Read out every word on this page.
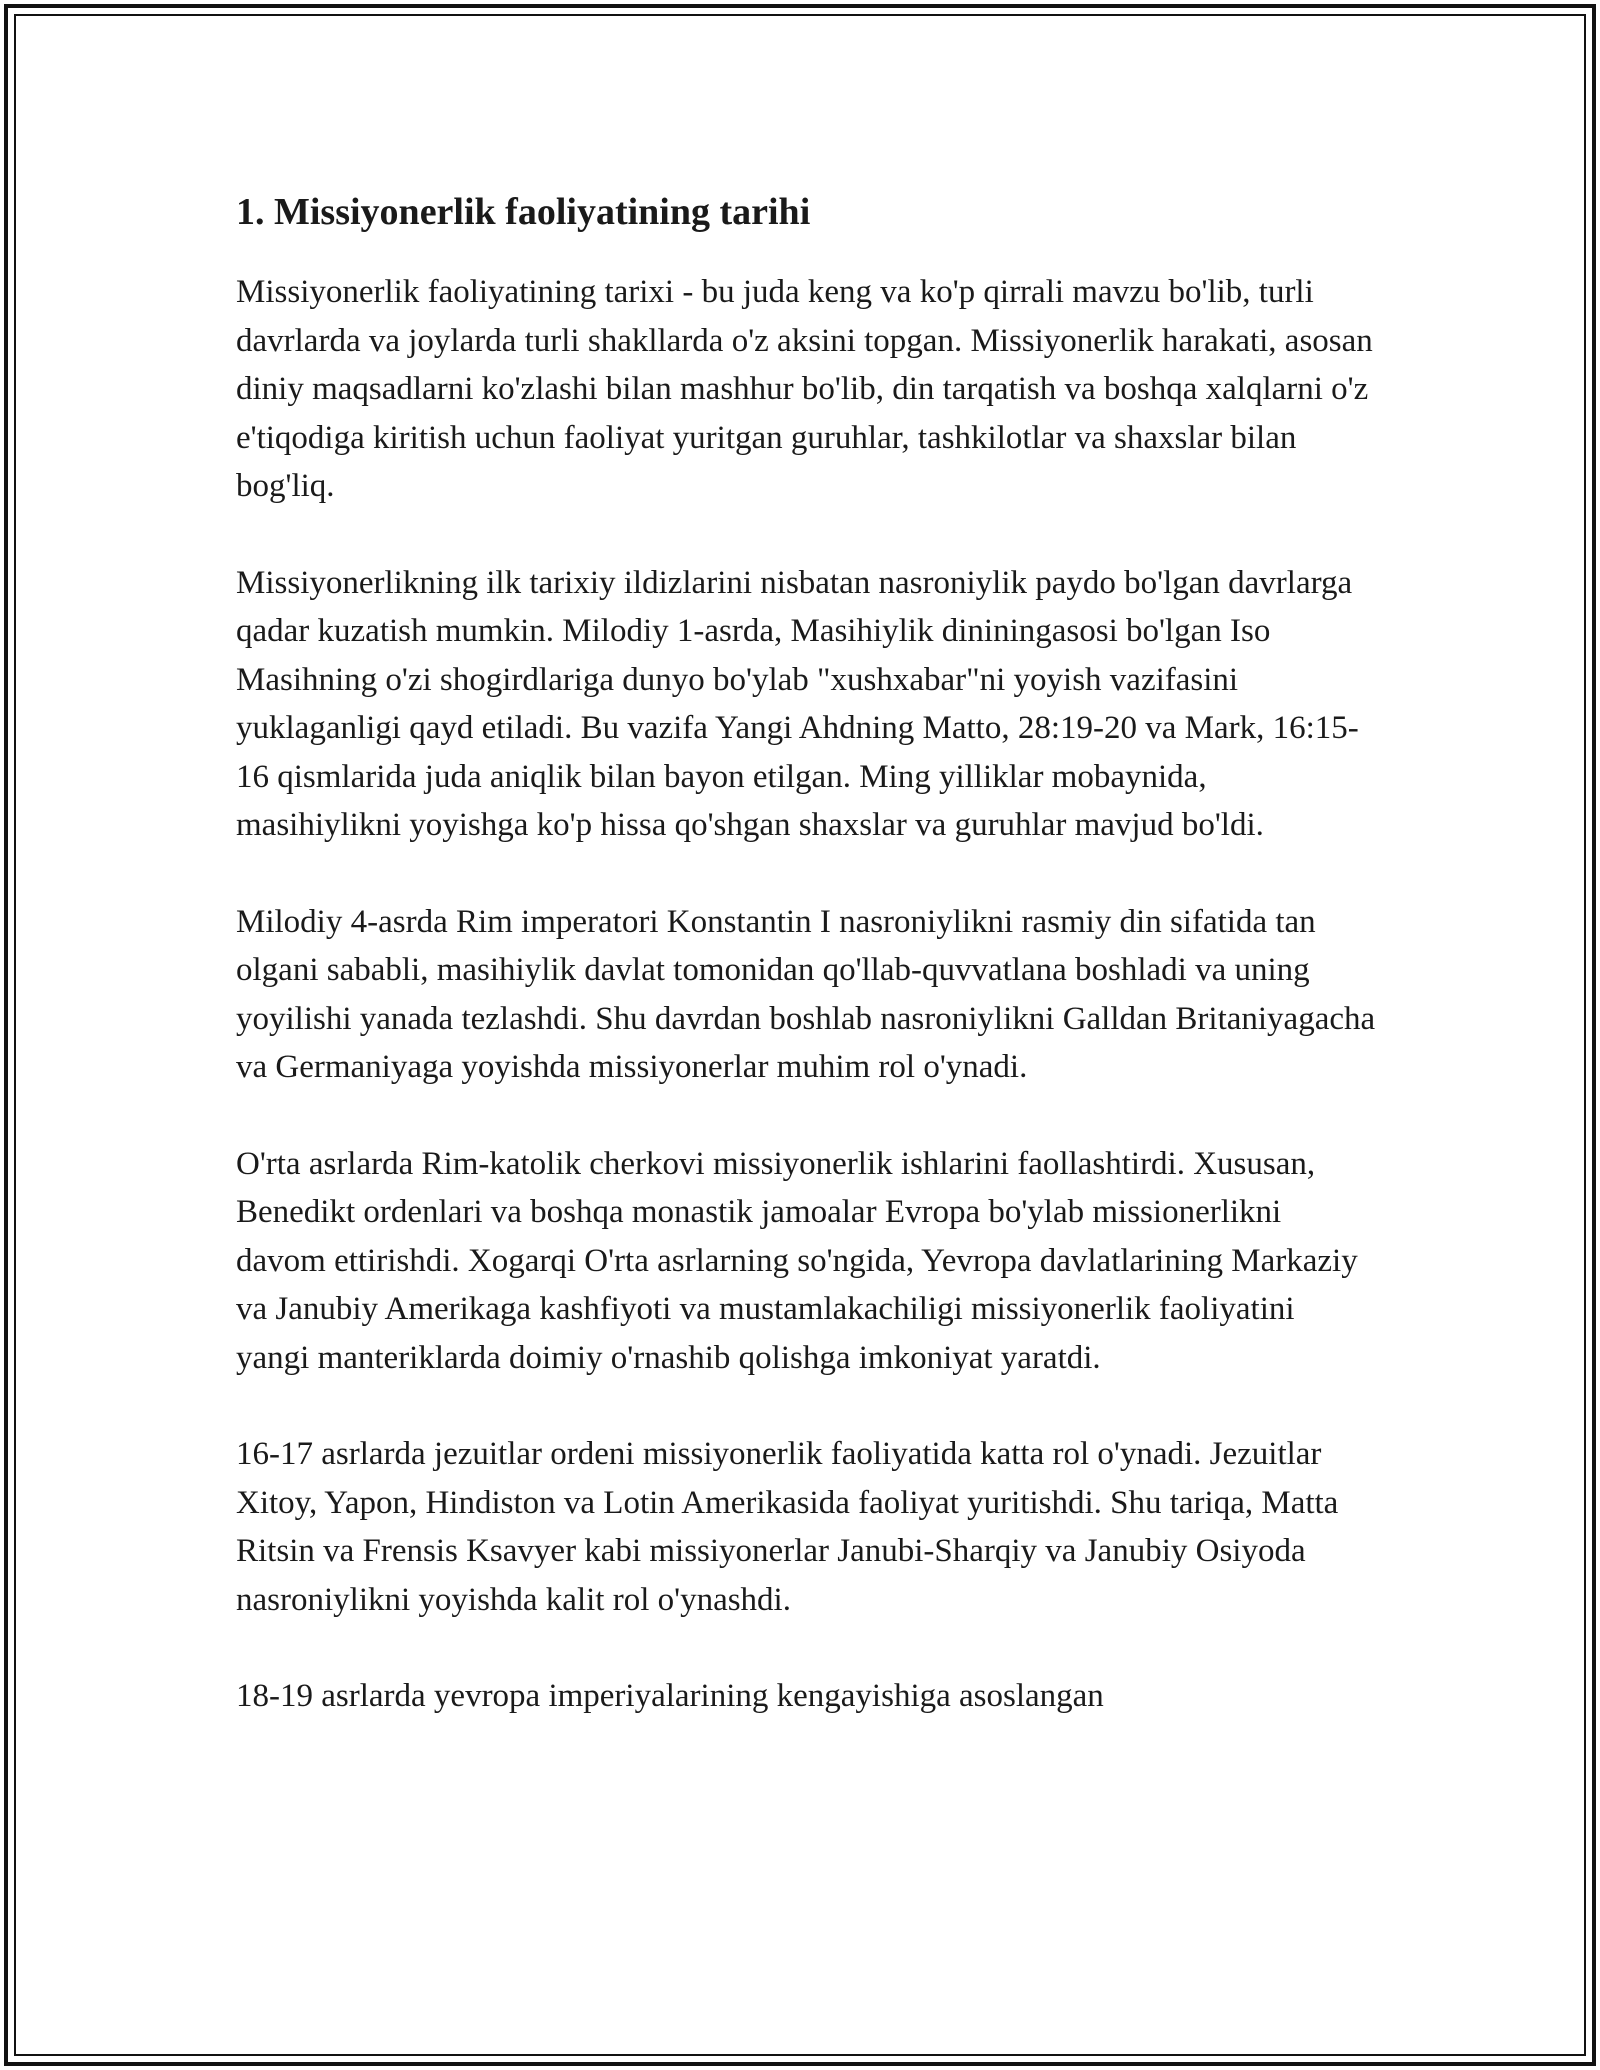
1. Missiyonerlik faoliyatining tarihi

Missiyonerlik faoliyatining tarixi - bu juda keng va ko'p qirrali mavzu bo'lib, turli davrlarda va joylarda turli shakllarda o'z aksini topgan. Missiyonerlik harakati, asosan diniy maqsadlarni ko'zlashi bilan mashhur bo'lib, din tarqatish va boshqa xalqlarni o'z e'tiqodiga kiritish uchun faoliyat yuritgan guruhlar, tashkilotlar va shaxslar bilan bog'liq.

Missiyonerlikning ilk tarixiy ildizlarini nisbatan nasroniylik paydo bo'lgan davrlarga qadar kuzatish mumkin. Milodiy 1-asrda, Masihiylik dininingasosi bo'lgan Iso Masihning o'zi shogirdlariga dunyo bo'ylab "xushxabar"ni yoyish vazifasini yuklaganligi qayd etiladi. Bu vazifa Yangi Ahdning Matto, 28:19-20 va Mark, 16:15-16 qismlarida juda aniqlik bilan bayon etilgan. Ming yilliklar mobaynida, masihiylikni yoyishga ko'p hissa qo'shgan shaxslar va guruhlar mavjud bo'ldi.

Milodiy 4-asrda Rim imperatori Konstantin I nasroniylikni rasmiy din sifatida tan olgani sababli, masihiylik davlat tomonidan qo'llab-quvvatlana boshladi va uning yoyilishi yanada tezlashdi. Shu davrdan boshlab nasroniylikni Galldan Britaniyagacha va Germaniyaga yoyishda missiyonerlar muhim rol o'ynadi.

O'rta asrlarda Rim-katolik cherkovi missiyonerlik ishlarini faollashtirdi. Xususan, Benedikt ordenlari va boshqa monastik jamoalar Evropa bo'ylab missionerlikni davom ettirishdi. Xogarqi O'rta asrlarning so'ngida, Yevropa davlatlarining Markaziy va Janubiy Amerikaga kashfiyoti va mustamlakachiligi missiyonerlik faoliyatini yangi manteriklarda doimiy o'rnashib qolishga imkoniyat yaratdi.

16-17 asrlarda jezuitlar ordeni missiyonerlik faoliyatida katta rol o'ynadi. Jezuitlar Xitoy, Yapon, Hindiston va Lotin Amerikasida faoliyat yuritishdi. Shu tariqa, Matta Ritsin va Frensis Ksavyer kabi missiyonerlar Janubi-Sharqiy va Janubiy Osiyoda nasroniylikni yoyishda kalit rol o'ynashdi.

18-19 asrlarda yevropa imperiyalarining kengayishiga asoslangan
